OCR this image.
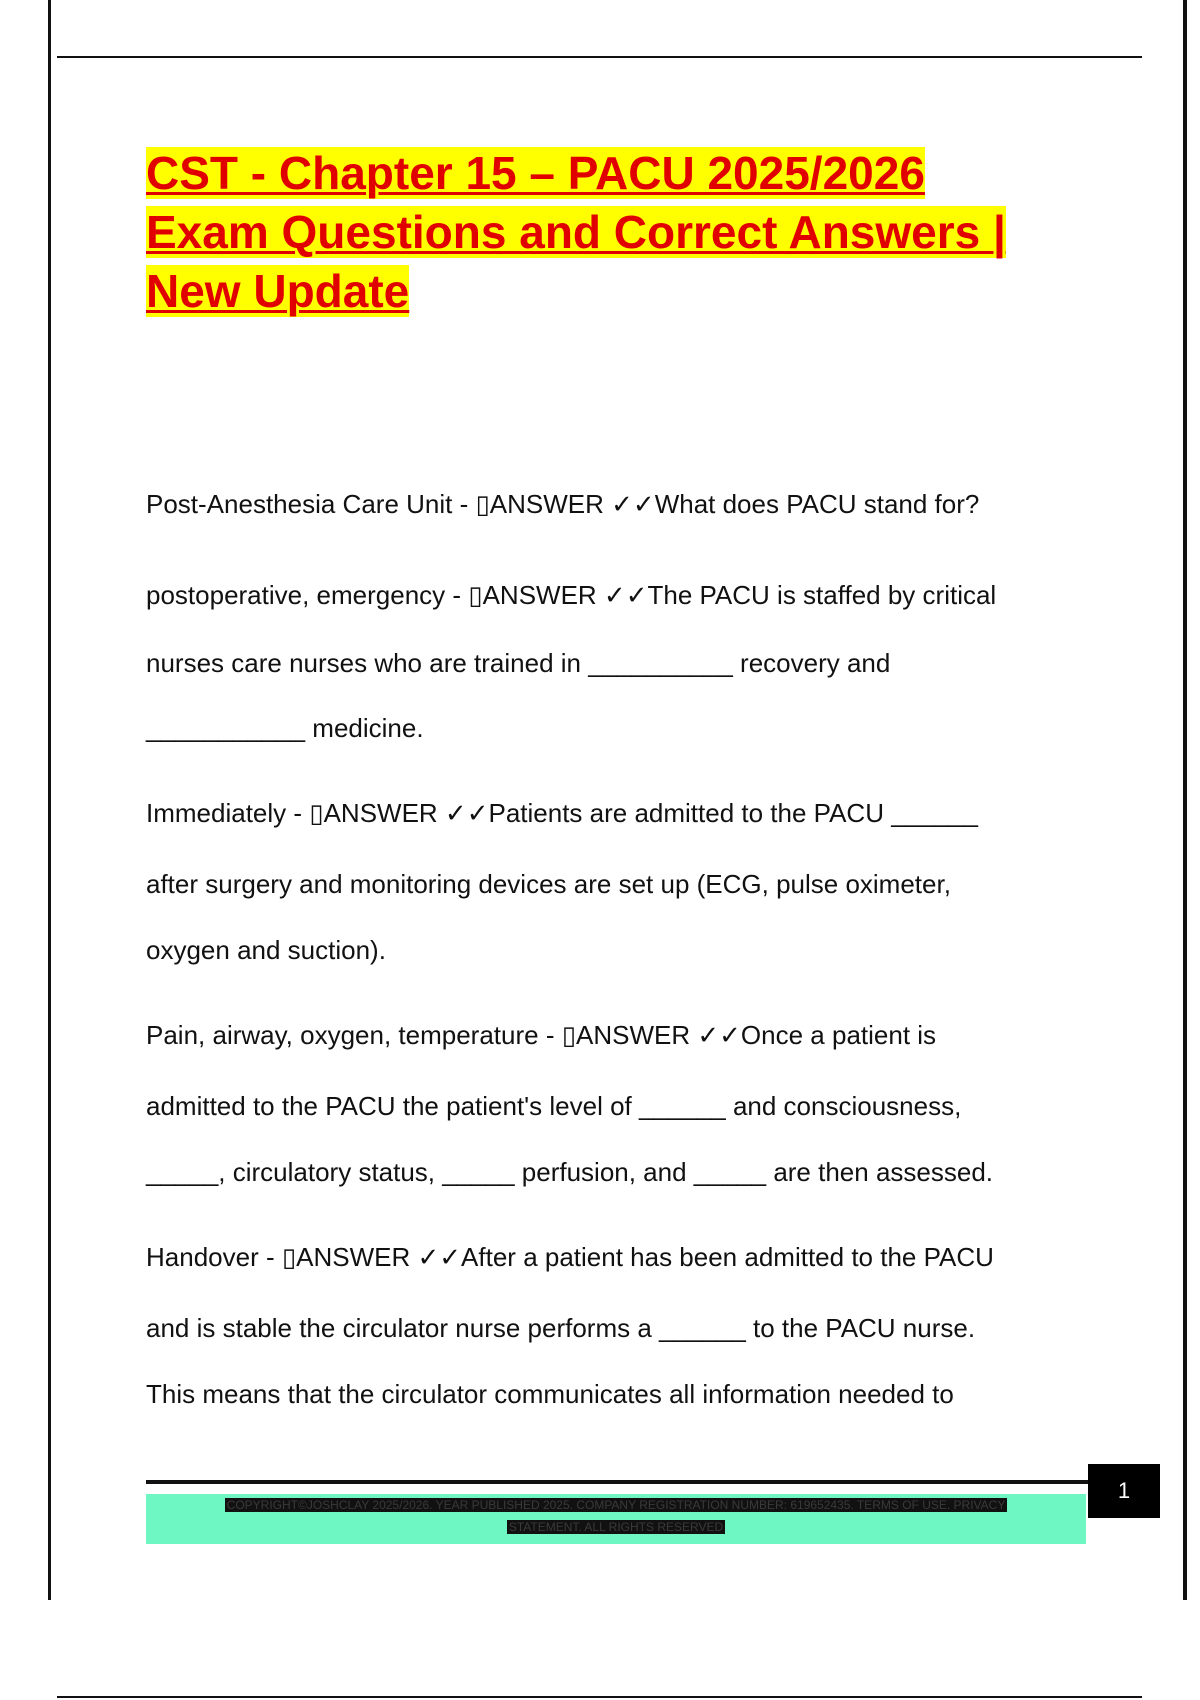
CST - Chapter 15 – PACU 2025/2026
Exam Questions and Correct Answers |
New Update
Post-Anesthesia Care Unit - ▯ANSWER ✓✓What does PACU stand for?
postoperative, emergency - ▯ANSWER ✓✓The PACU is staffed by critical
nurses care nurses who are trained in __________ recovery and
___________ medicine.
Immediately - ▯ANSWER ✓✓Patients are admitted to the PACU ______
after surgery and monitoring devices are set up (ECG, pulse oximeter,
oxygen and suction).
Pain, airway, oxygen, temperature - ▯ANSWER ✓✓Once a patient is
admitted to the PACU the patient's level of ______ and consciousness,
_____, circulatory status, _____ perfusion, and _____ are then assessed.
Handover - ▯ANSWER ✓✓After a patient has been admitted to the PACU
and is stable the circulator nurse performs a ______ to the PACU nurse.
This means that the circulator communicates all information needed to
1
COPYRIGHT©JOSHCLAY 2025/2026. YEAR PUBLISHED 2025. COMPANY REGISTRATION NUMBER: 619652435. TERMS OF USE. PRIVACY
STATEMENT. ALL RIGHTS RESERVED
